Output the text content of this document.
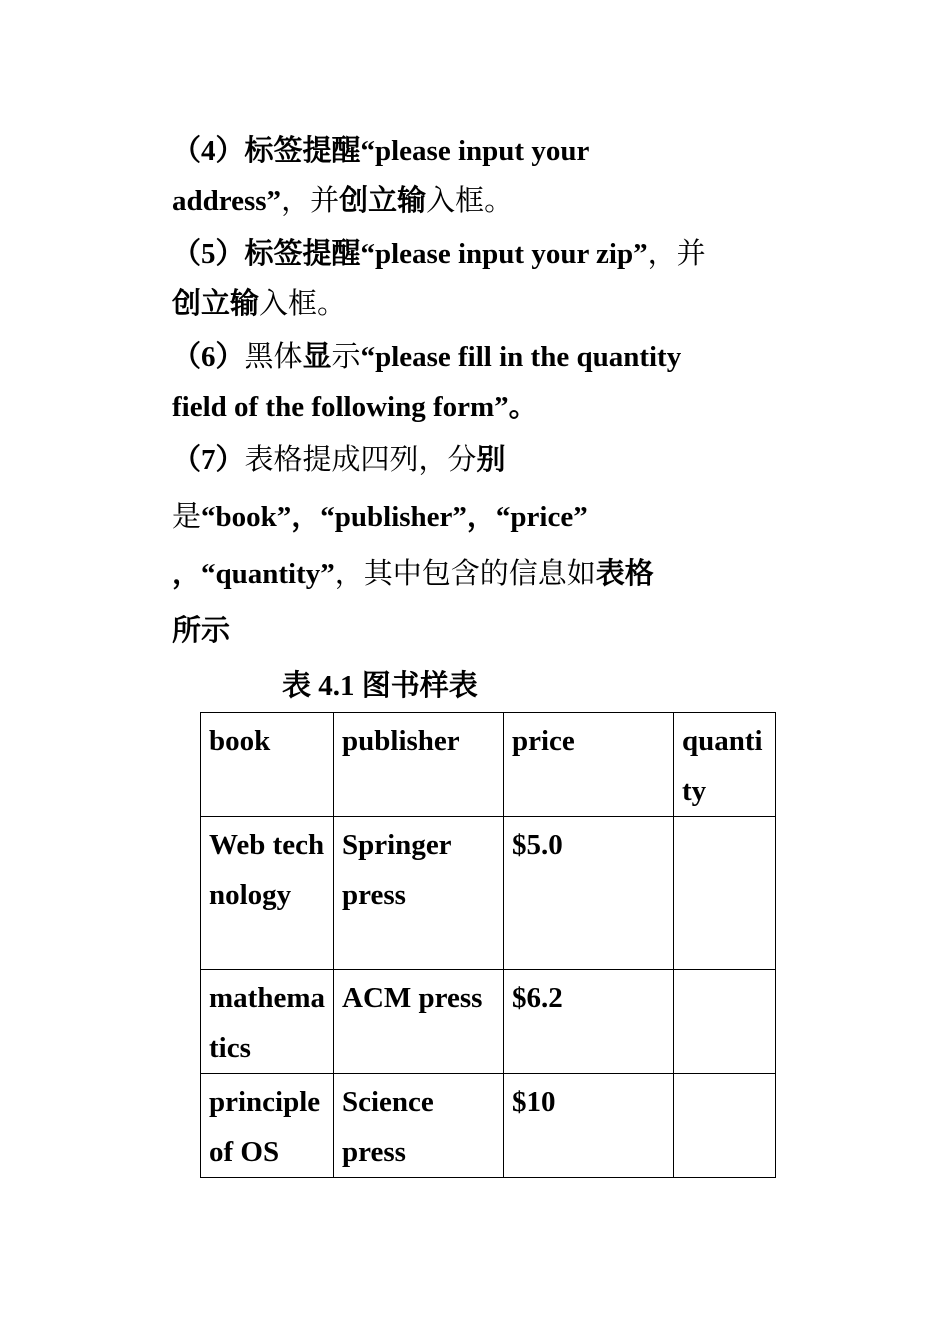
（4）标签提醒“please input your
address”，并创立输入框。
（5）标签提醒“please input your zip”，并
创立输入框。
（6）黑体显示“please fill in the quantity
field of the following form”。
（7）表格提成四列，分别
是“book”，“publisher”，“price”
，“quantity”，其中包含的信息如表格
所示
表 4.1 图书样表
book	publisher	price	quantity

Web technology	Springer press	$5.0	

mathematics	ACM press	$6.2	

principle of OS	Science press	$10	
